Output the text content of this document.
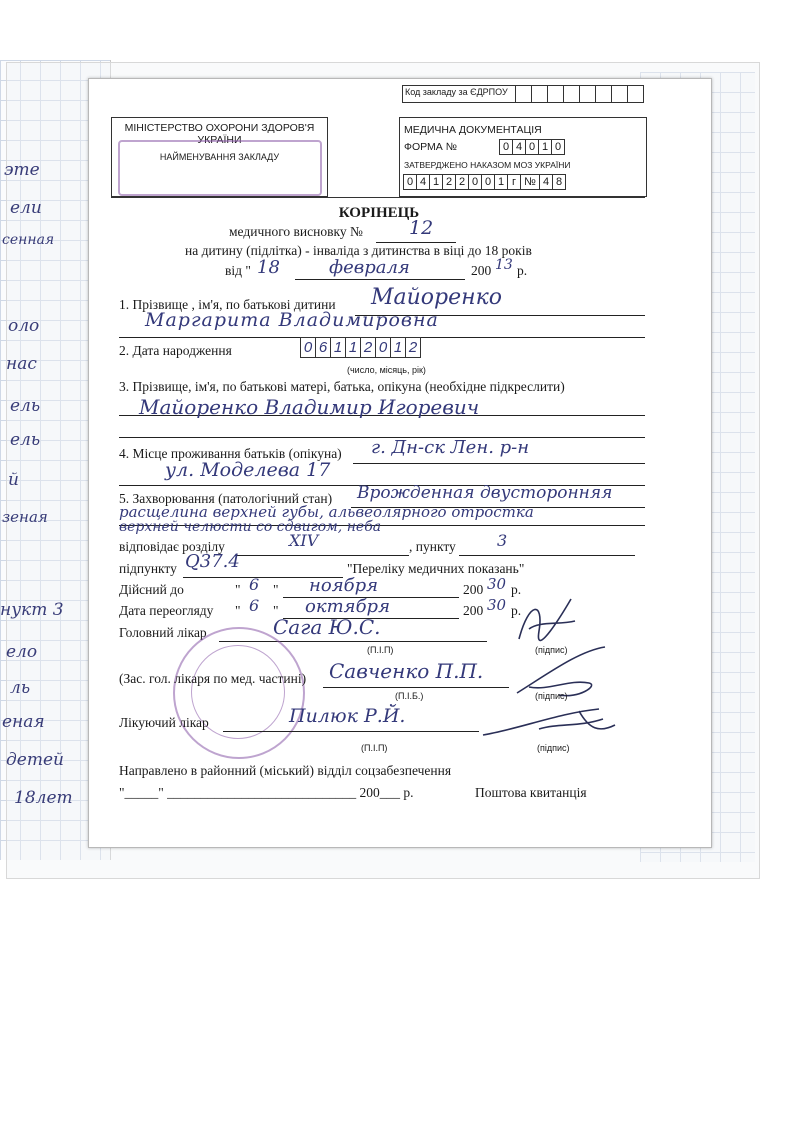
эте
ели
сенная
оло
нас
ель
ель
й
зеная
нукт 3
ело
ль
еная
детей
18лет
Код закладу за ЄДРПОУ
МІНІСТЕРСТВО ОХОРОНИ ЗДОРОВ'Я
УКРАЇНИ
НАЙМЕНУВАННЯ ЗАКЛАДУ
МЕДИЧНА ДОКУМЕНТАЦІЯ
ФОРМА №	0 4 0 1 0
ЗАТВЕРДЖЕНО НАКАЗОМ МОЗ УКРАЇНИ
0 4 1 2 2 0 0 1 г № 4 8
КОРІНЕЦЬ
медичного висновку № 12
на дитину (підлітка) - інваліда з дитинства в віці до 18 років
від " 18	февраля	200 13 р.
1. Прізвище , ім'я, по батькові дитини Майоренко
Маргарита Владимировна
2. Дата народження	0 6 1 1 2 0 1 2
(число, місяць, рік)
3. Прізвище, ім'я, по батькові матері, батька, опікуна (необхідне підкреслити)
Майоренко Владимир Игоревич
4. Місце проживання батьків (опікуна) г. Дн-ск Лен. р-н
ул. Моделева 17
5. Захворювання (патологічний стан) Врожденная двусторонняя
расщелина верхней губы, альвеолярного отростка
верхней челюсти со сдвигом, неба
відповідає розділу	XIV	, пункту	3
підпункту Q37.4	"Переліку медичних показань"
Дійсний до	" 6 " ноября	200 30 р.
Дата переогляду " 6 " октября	200 30 р.
Головний лікар	Сага Ю.С.
(П.І.П)	(підпис)
(Зас. гол. лікаря по мед. частині) Савченко П.П.
(П.І.Б.)	(підпис)
Лікуючий лікар	Пилюк Р.Й.
(П.І.П)	(підпис)
Направлено в районний (міський) відділ соцзабезпечення
"_____" ____________________________ 200___ р.	Поштова квитанція
